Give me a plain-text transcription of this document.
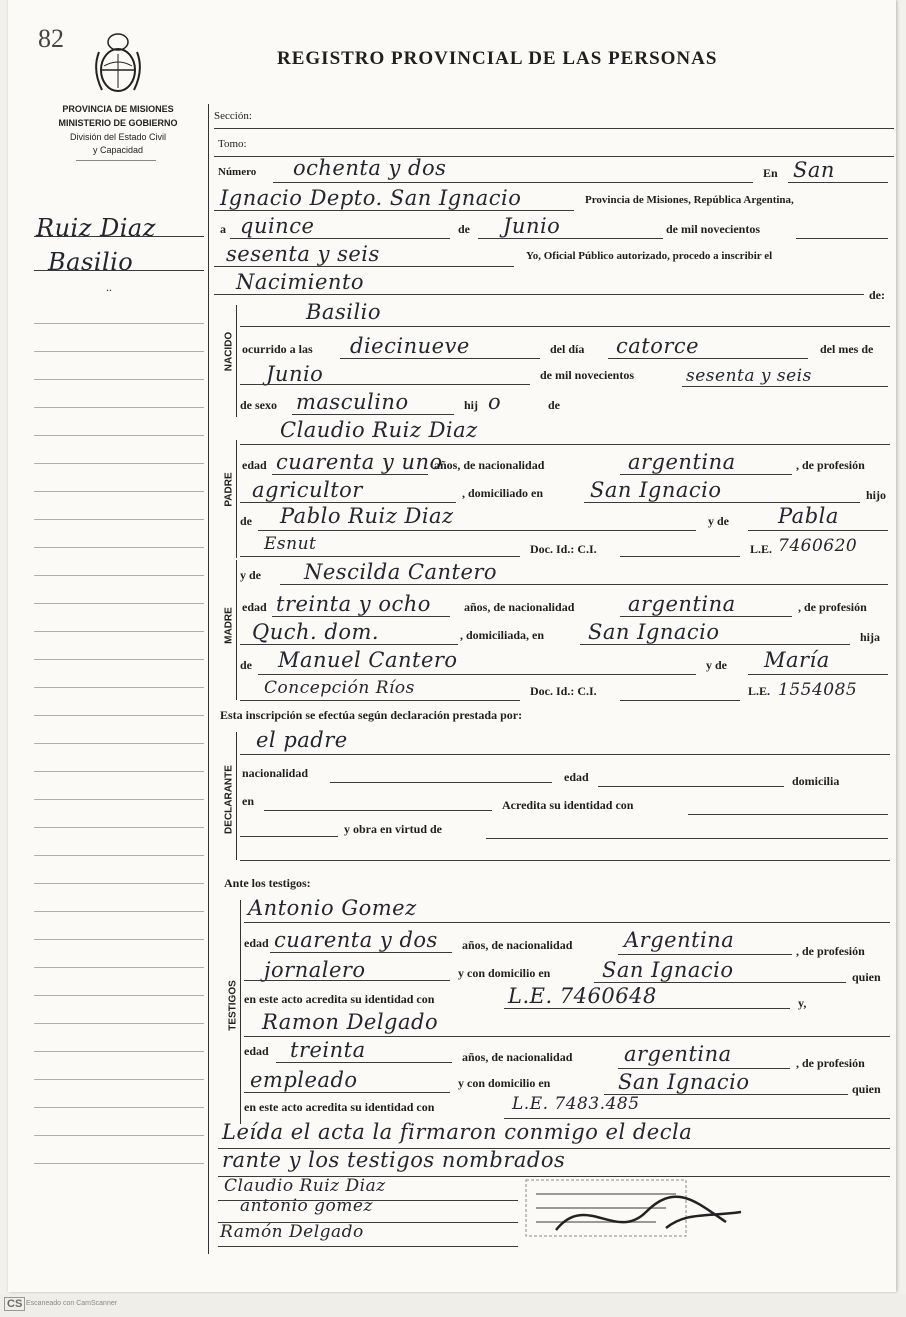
82
REGISTRO PROVINCIAL DE LAS PERSONAS
PROVINCIA DE MISIONES
MINISTERIO DE GOBIERNO
División del Estado Civil
y Capacidad
Ruiz Diaz
Basilio
..
Sección:
Tomo:
Número ochenta y dos	En San
Ignacio Depto. San Ignacio	Provincia de Misiones, República Argentina,
a quince	de Junio	de mil novecientos
sesenta y seis	Yo, Oficial Público autorizado, procedo a inscribir el
Nacimiento
de:
NACIDO
Basilio
ocurrido a las diecinueve	del día catorce	del mes de
Junio	de mil novecientos	sesenta y seis
de sexo masculino	hij o	de
PADRE
Claudio Ruiz Diaz
edad cuarenta y uno
años, de nacionalidad	argentina	, de profesión
agricultor	, domiciliado en San Ignacio	hijo
de Pablo Ruiz Diaz	y de Pabla
Esnut	Doc. Id.: C.I.	L.E. 7460620
MADRE
y de Nescilda Cantero
edad treinta y ocho	años, de nacionalidad	argentina	, de profesión
Quch. dom.	, domiciliada, en San Ignacio	hija
de Manuel Cantero	y de María
Concepción Ríos	Doc. Id.: C.I.	L.E. 1554085
Esta inscripción se efectúa según declaración prestada por:
DECLARANTE
el padre
nacionalidad	edad	domicilia
en	Acredita su identidad con
y obra en virtud de
Ante los testigos:
TESTIGOS
Antonio Gomez
edad cuarenta y dos años, de nacionalidad Argentina	, de profesión
jornalero	y con domicilio en San Ignacio	quien
en este acto acredita su identidad con	L.E. 7460648	y,
Ramon Delgado
edad treinta	años, de nacionalidad argentina	, de profesión
empleado	y con domicilio en	San Ignacio	quien
en este acto acredita su identidad con	L.E. 7483.485
Leída el acta la firmaron conmigo el decla
rante y los testigos nombrados
Claudio Ruiz Diaz
antonio gomez
Ramón Delgado
CS Escaneado con CamScanner
